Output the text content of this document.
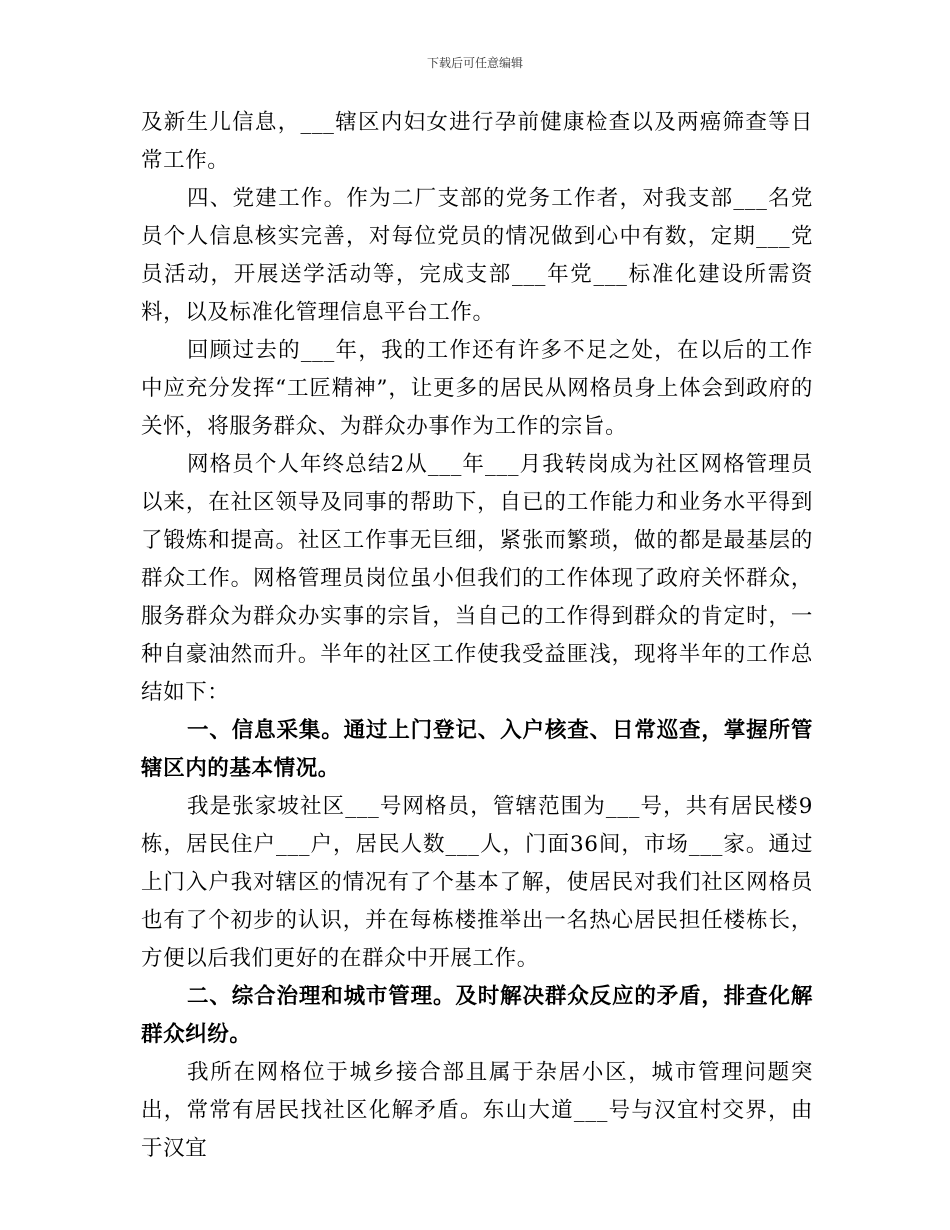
下载后可任意编辑

及新生儿信息，___辖区内妇女进行孕前健康检查以及两癌筛查等日常工作。

四、党建工作。作为二厂支部的党务工作者，对我支部___名党员个人信息核实完善，对每位党员的情况做到心中有数，定期___党员活动，开展送学活动等，完成支部___年党___标准化建设所需资料，以及标准化管理信息平台工作。

回顾过去的___年，我的工作还有许多不足之处，在以后的工作中应充分发挥“工匠精神”，让更多的居民从网格员身上体会到政府的关怀，将服务群众、为群众办事作为工作的宗旨。

网格员个人年终总结2从___年___月我转岗成为社区网格管理员以来，在社区领导及同事的帮助下，自已的工作能力和业务水平得到了锻炼和提高。社区工作事无巨细，紧张而繁琐，做的都是最基层的群众工作。网格管理员岗位虽小但我们的工作体现了政府关怀群众，服务群众为群众办实事的宗旨，当自己的工作得到群众的肯定时，一种自豪油然而升。半年的社区工作使我受益匪浅，现将半年的工作总结如下：

一、信息采集。通过上门登记、入户核查、日常巡查，掌握所管辖区内的基本情况。

我是张家坡社区___号网格员，管辖范围为___号，共有居民楼9栋，居民住户___户，居民人数___人，门面36间，市场___家。通过上门入户我对辖区的情况有了个基本了解，使居民对我们社区网格员也有了个初步的认识，并在每栋楼推举出一名热心居民担任楼栋长，方便以后我们更好的在群众中开展工作。

二、综合治理和城市管理。及时解决群众反应的矛盾，排查化解群众纠纷。

我所在网格位于城乡接合部且属于杂居小区，城市管理问题突出，常常有居民找社区化解矛盾。东山大道___号与汉宜村交界，由于汉宜
